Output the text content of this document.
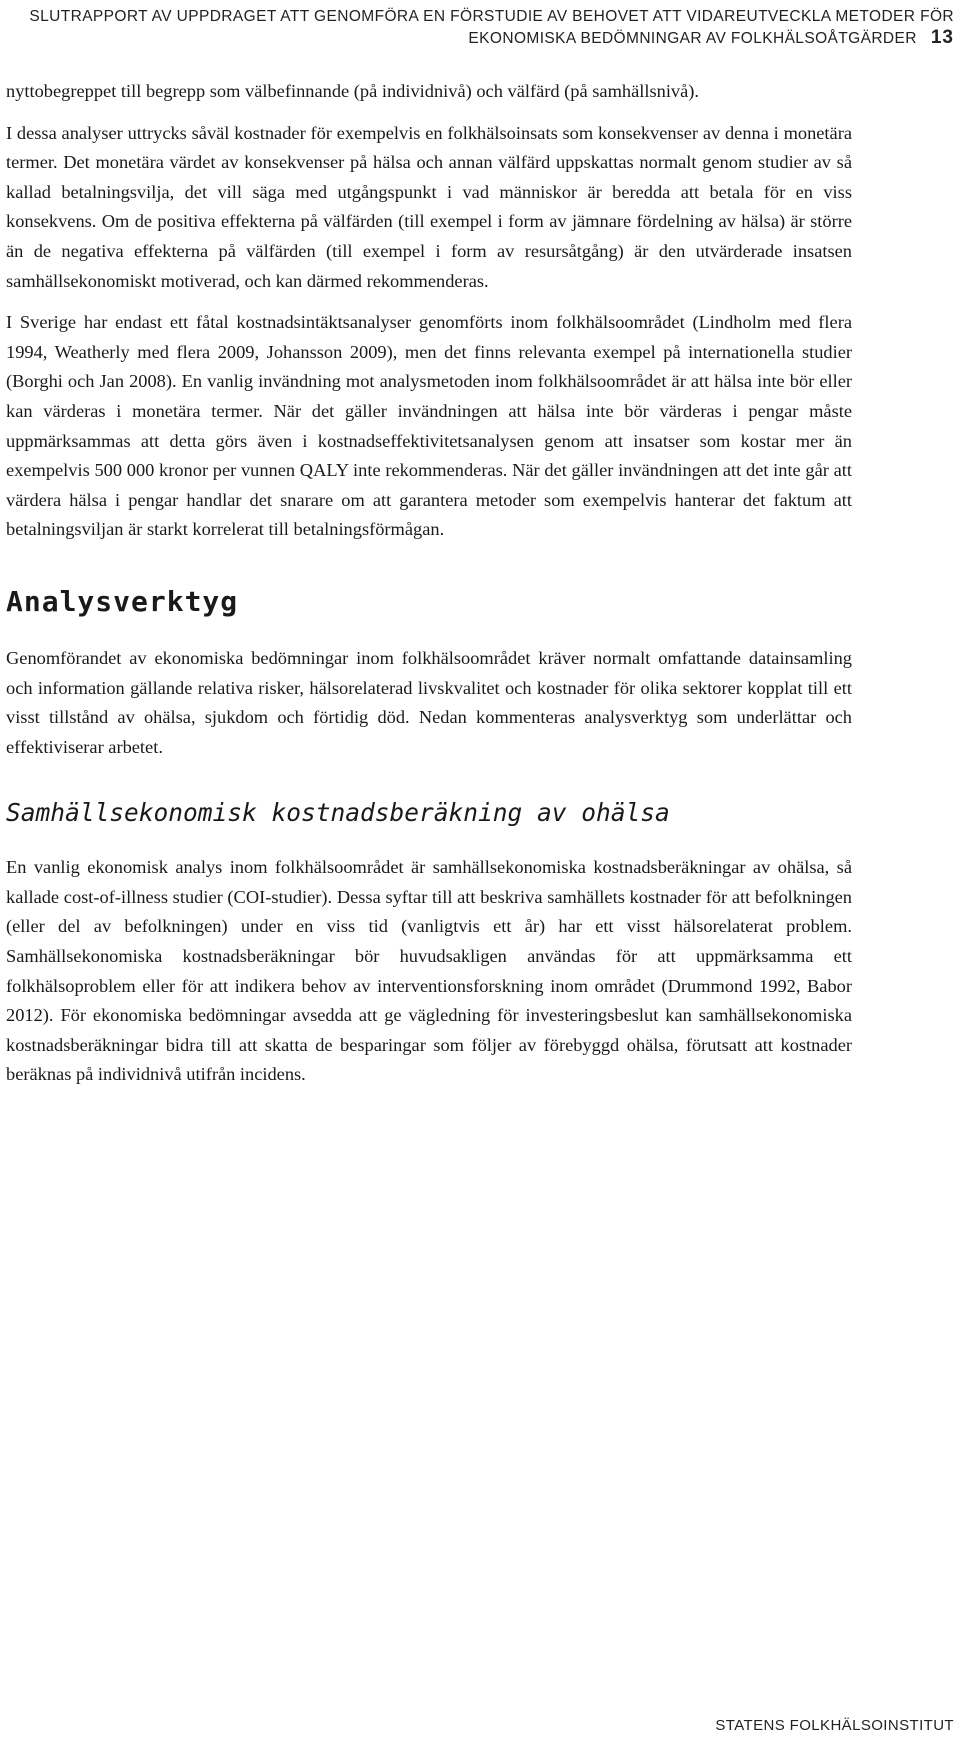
SLUTRAPPORT AV UPPDRAGET ATT GENOMFÖRA EN FÖRSTUDIE AV BEHOVET ATT VIDAREUTVECKLA METODER FÖR
EKONOMISKA BEDÖMNINGAR AV FOLKHÄLSOÅTGÄRDER 13

nyttobegreppet till begrepp som välbefinnande (på individnivå) och välfärd (på samhällsnivå).

I dessa analyser uttrycks såväl kostnader för exempelvis en folkhälsoinsats som konsekvenser av denna i monetära termer. Det monetära värdet av konsekvenser på hälsa och annan välfärd uppskattas normalt genom studier av så kallad betalningsvilja, det vill säga med utgångspunkt i vad människor är beredda att betala för en viss konsekvens. Om de positiva effekterna på välfärden (till exempel i form av jämnare fördelning av hälsa) är större än de negativa effekterna på välfärden (till exempel i form av resursåtgång) är den utvärderade insatsen samhällsekonomiskt motiverad, och kan därmed rekommenderas.

I Sverige har endast ett fåtal kostnadsintäktsanalyser genomförts inom folkhälsoområdet (Lindholm med flera 1994, Weatherly med flera 2009, Johansson 2009), men det finns relevanta exempel på internationella studier (Borghi och Jan 2008). En vanlig invändning mot analysmetoden inom folkhälsoområdet är att hälsa inte bör eller kan värderas i monetära termer. När det gäller invändningen att hälsa inte bör värderas i pengar måste uppmärksammas att detta görs även i kostnadseffektivitetsanalysen genom att insatser som kostar mer än exempelvis 500 000 kronor per vunnen QALY inte rekommenderas. När det gäller invändningen att det inte går att värdera hälsa i pengar handlar det snarare om att garantera metoder som exempelvis hanterar det faktum att betalningsviljan är starkt korrelerat till betalningsförmågan.

Analysverktyg

Genomförandet av ekonomiska bedömningar inom folkhälsoområdet kräver normalt omfattande datainsamling och information gällande relativa risker, hälsorelaterad livskvalitet och kostnader för olika sektorer kopplat till ett visst tillstånd av ohälsa, sjukdom och förtidig död. Nedan kommenteras analysverktyg som underlättar och effektiviserar arbetet.

Samhällsekonomisk kostnadsberäkning av ohälsa

En vanlig ekonomisk analys inom folkhälsoområdet är samhällsekonomiska kostnadsberäkningar av ohälsa, så kallade cost-of-illness studier (COI-studier). Dessa syftar till att beskriva samhällets kostnader för att befolkningen (eller del av befolkningen) under en viss tid (vanligtvis ett år) har ett visst hälsorelaterat problem. Samhällsekonomiska kostnadsberäkningar bör huvudsakligen användas för att uppmärksamma ett folkhälsoproblem eller för att indikera behov av interventionsforskning inom området (Drummond 1992, Babor 2012). För ekonomiska bedömningar avsedda att ge vägledning för investeringsbeslut kan samhällsekonomiska kostnadsberäkningar bidra till att skatta de besparingar som följer av förebyggd ohälsa, förutsatt att kostnader beräknas på individnivå utifrån incidens.

STATENS FOLKHÄLSOINSTITUT
